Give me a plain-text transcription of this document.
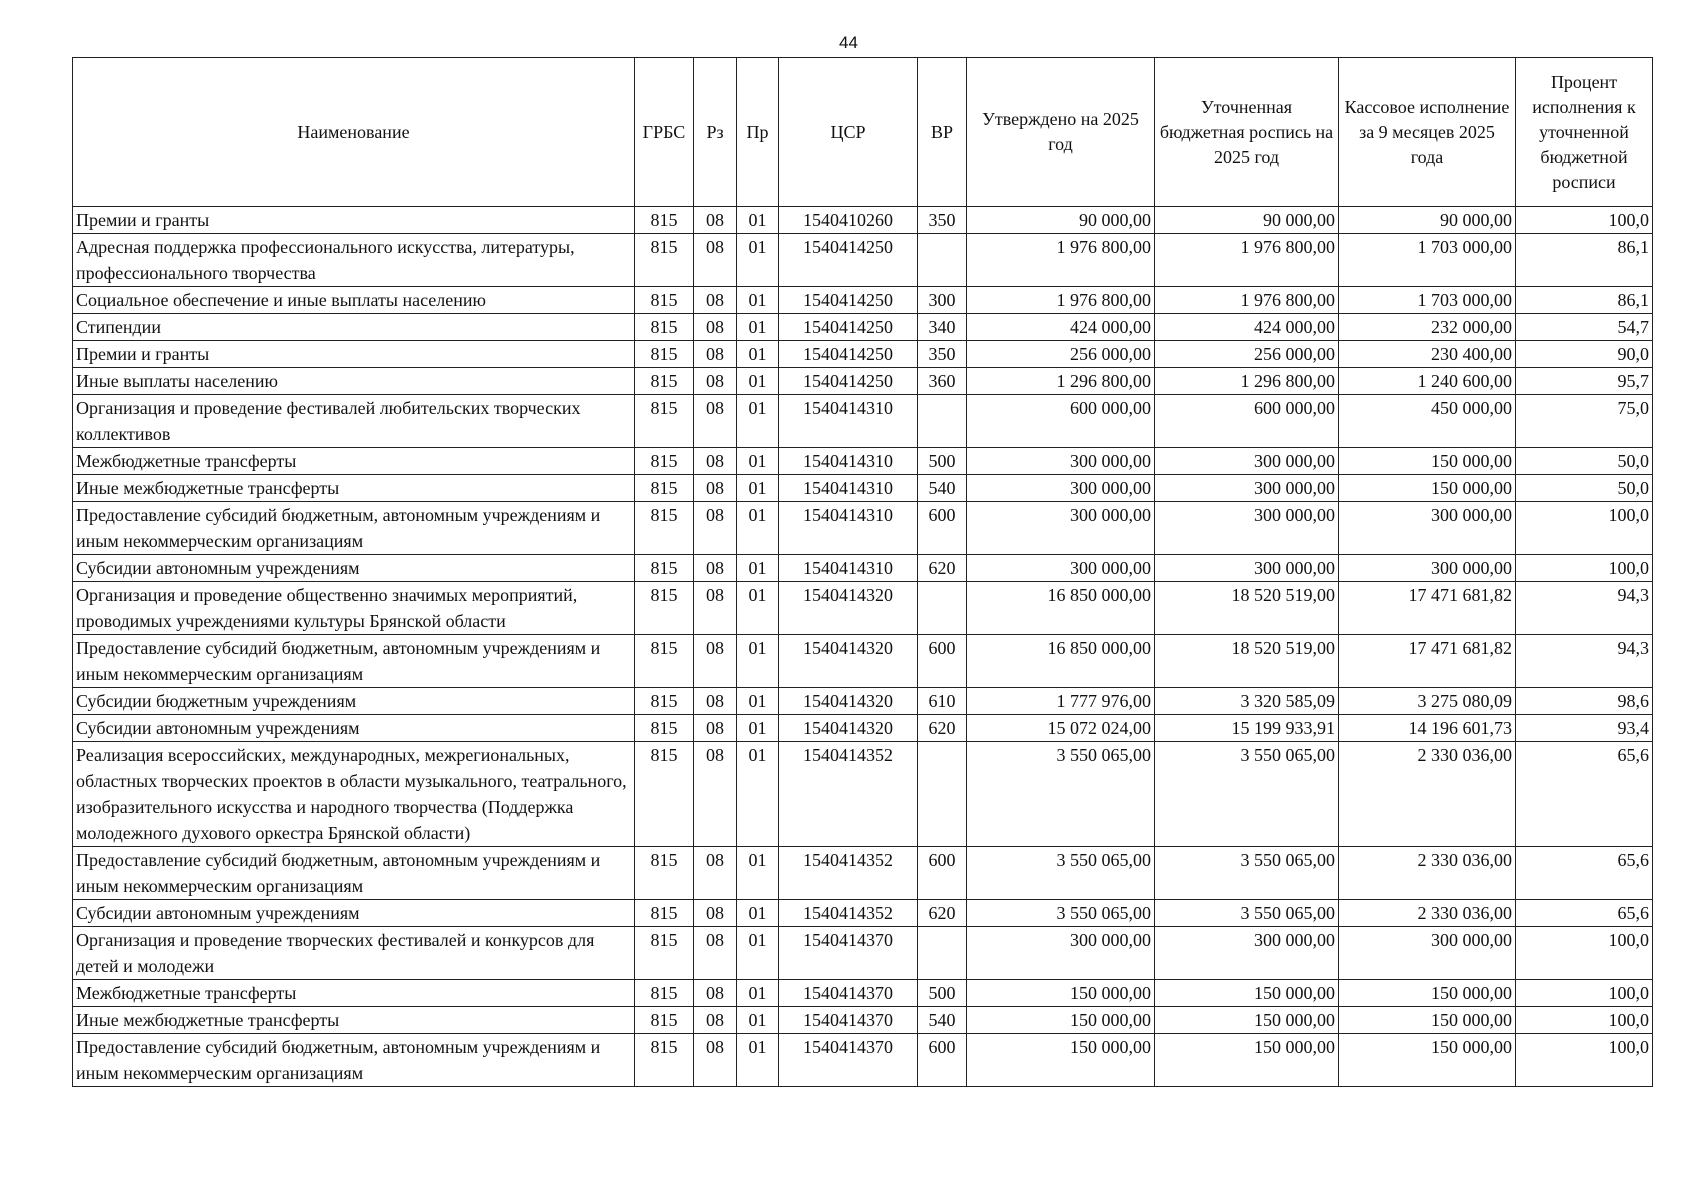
44
Наименование	ГРБС	Рз	Пр	ЦСР	ВР	Утверждено на 2025 год	Уточненная бюджетная роспись на 2025 год	Кассовое исполнение за 9 месяцев 2025 года	Процент исполнения к уточненной бюджетной росписи
Премии и гранты	815	08	01	1540410260	350	90 000,00	90 000,00	90 000,00	100,0
Адресная поддержка профессионального искусства, литературы, профессионального творчества	815	08	01	1540414250		1 976 800,00	1 976 800,00	1 703 000,00	86,1
Социальное обеспечение и иные выплаты населению	815	08	01	1540414250	300	1 976 800,00	1 976 800,00	1 703 000,00	86,1
Стипендии	815	08	01	1540414250	340	424 000,00	424 000,00	232 000,00	54,7
Премии и гранты	815	08	01	1540414250	350	256 000,00	256 000,00	230 400,00	90,0
Иные выплаты населению	815	08	01	1540414250	360	1 296 800,00	1 296 800,00	1 240 600,00	95,7
Организация и проведение фестивалей любительских творческих коллективов	815	08	01	1540414310		600 000,00	600 000,00	450 000,00	75,0
Межбюджетные трансферты	815	08	01	1540414310	500	300 000,00	300 000,00	150 000,00	50,0
Иные межбюджетные трансферты	815	08	01	1540414310	540	300 000,00	300 000,00	150 000,00	50,0
Предоставление субсидий бюджетным, автономным учреждениям и иным некоммерческим организациям	815	08	01	1540414310	600	300 000,00	300 000,00	300 000,00	100,0
Субсидии автономным учреждениям	815	08	01	1540414310	620	300 000,00	300 000,00	300 000,00	100,0
Организация и проведение общественно значимых мероприятий, проводимых учреждениями культуры Брянской области	815	08	01	1540414320		16 850 000,00	18 520 519,00	17 471 681,82	94,3
Предоставление субсидий бюджетным, автономным учреждениям и иным некоммерческим организациям	815	08	01	1540414320	600	16 850 000,00	18 520 519,00	17 471 681,82	94,3
Субсидии бюджетным учреждениям	815	08	01	1540414320	610	1 777 976,00	3 320 585,09	3 275 080,09	98,6
Субсидии автономным учреждениям	815	08	01	1540414320	620	15 072 024,00	15 199 933,91	14 196 601,73	93,4
Реализация всероссийских, международных, межрегиональных, областных творческих проектов в области музыкального, театрального, изобразительного искусства и народного творчества (Поддержка молодежного духового оркестра Брянской области)	815	08	01	1540414352		3 550 065,00	3 550 065,00	2 330 036,00	65,6
Предоставление субсидий бюджетным, автономным учреждениям и иным некоммерческим организациям	815	08	01	1540414352	600	3 550 065,00	3 550 065,00	2 330 036,00	65,6
Субсидии автономным учреждениям	815	08	01	1540414352	620	3 550 065,00	3 550 065,00	2 330 036,00	65,6
Организация и проведение творческих фестивалей и конкурсов для детей и молодежи	815	08	01	1540414370		300 000,00	300 000,00	300 000,00	100,0
Межбюджетные трансферты	815	08	01	1540414370	500	150 000,00	150 000,00	150 000,00	100,0
Иные межбюджетные трансферты	815	08	01	1540414370	540	150 000,00	150 000,00	150 000,00	100,0
Предоставление субсидий бюджетным, автономным учреждениям и иным некоммерческим организациям	815	08	01	1540414370	600	150 000,00	150 000,00	150 000,00	100,0
